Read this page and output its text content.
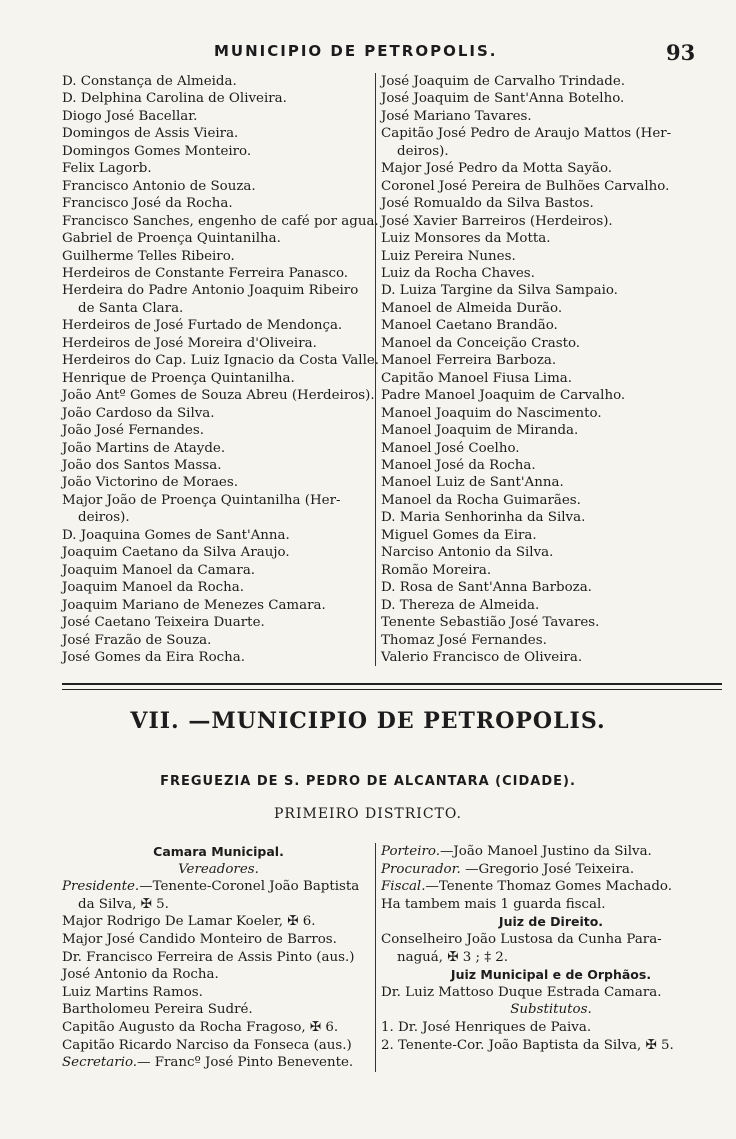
MUNICIPIO DE PETROPOLIS.	93
D. Constança de Almeida.
D. Delphina Carolina de Oliveira.
Diogo José Bacellar.
Domingos de Assis Vieira.
Domingos Gomes Monteiro.
Felix Lagorb.
Francisco Antonio de Souza.
Francisco José da Rocha.
Francisco Sanches, engenho de café por agua.
Gabriel de Proença Quintanilha.
Guilherme Telles Ribeiro.
Herdeiros de Constante Ferreira Panasco.
Herdeira do Padre Antonio Joaquim Ribeiro
de Santa Clara.
Herdeiros de José Furtado de Mendonça.
Herdeiros de José Moreira d'Oliveira.
Herdeiros do Cap. Luiz Ignacio da Costa Valle.
Henrique de Proença Quintanilha.
João Antº Gomes de Souza Abreu (Herdeiros).
João Cardoso da Silva.
João José Fernandes.
João Martins de Atayde.
João dos Santos Massa.
João Victorino de Moraes.
Major João de Proença Quintanilha (Her-
deiros).
D. Joaquina Gomes de Sant'Anna.
Joaquim Caetano da Silva Araujo.
Joaquim Manoel da Camara.
Joaquim Manoel da Rocha.
Joaquim Mariano de Menezes Camara.
José Caetano Teixeira Duarte.
José Frazão de Souza.
José Gomes da Eira Rocha.
José Joaquim de Carvalho Trindade.
José Joaquim de Sant'Anna Botelho.
José Mariano Tavares.
Capitão José Pedro de Araujo Mattos (Her-
deiros).
Major José Pedro da Motta Sayão.
Coronel José Pereira de Bulhões Carvalho.
José Romualdo da Silva Bastos.
José Xavier Barreiros (Herdeiros).
Luiz Monsores da Motta.
Luiz Pereira Nunes.
Luiz da Rocha Chaves.
D. Luiza Targine da Silva Sampaio.
Manoel de Almeida Durão.
Manoel Caetano Brandão.
Manoel da Conceição Crasto.
Manoel Ferreira Barboza.
Capitão Manoel Fiusa Lima.
Padre Manoel Joaquim de Carvalho.
Manoel Joaquim do Nascimento.
Manoel Joaquim de Miranda.
Manoel José Coelho.
Manoel José da Rocha.
Manoel Luiz de Sant'Anna.
Manoel da Rocha Guimarães.
D. Maria Senhorinha da Silva.
Miguel Gomes da Eira.
Narciso Antonio da Silva.
Romão Moreira.
D. Rosa de Sant'Anna Barboza.
D. Thereza de Almeida.
Tenente Sebastião José Tavares.
Thomaz José Fernandes.
Valerio Francisco de Oliveira.
VII. —MUNICIPIO DE PETROPOLIS.
FREGUEZIA DE S. PEDRO DE ALCANTARA (CIDADE).
PRIMEIRO DISTRICTO.
Camara Municipal.
Vereadores.
Presidente.—Tenente-Coronel João Baptista
da Silva, ✠ 5.
Major Rodrigo De Lamar Koeler, ✠ 6.
Major José Candido Monteiro de Barros.
Dr. Francisco Ferreira de Assis Pinto (aus.)
José Antonio da Rocha.
Luiz Martins Ramos.
Bartholomeu Pereira Sudré.
Capitão Augusto da Rocha Fragoso, ✠ 6.
Capitão Ricardo Narciso da Fonseca (aus.)
Secretario.— Francº José Pinto Benevente.
Porteiro.—João Manoel Justino da Silva.
Procurador. —Gregorio José Teixeira.
Fiscal.—Tenente Thomaz Gomes Machado.
Ha tambem mais 1 guarda fiscal.
Juiz de Direito.
Conselheiro João Lustosa da Cunha Para-
naguá, ✠ 3 ; ‡ 2.
Juiz Municipal e de Orphãos.
Dr. Luiz Mattoso Duque Estrada Camara.
Substitutos.
1. Dr. José Henriques de Paiva.
2. Tenente-Cor. João Baptista da Silva, ✠ 5.
